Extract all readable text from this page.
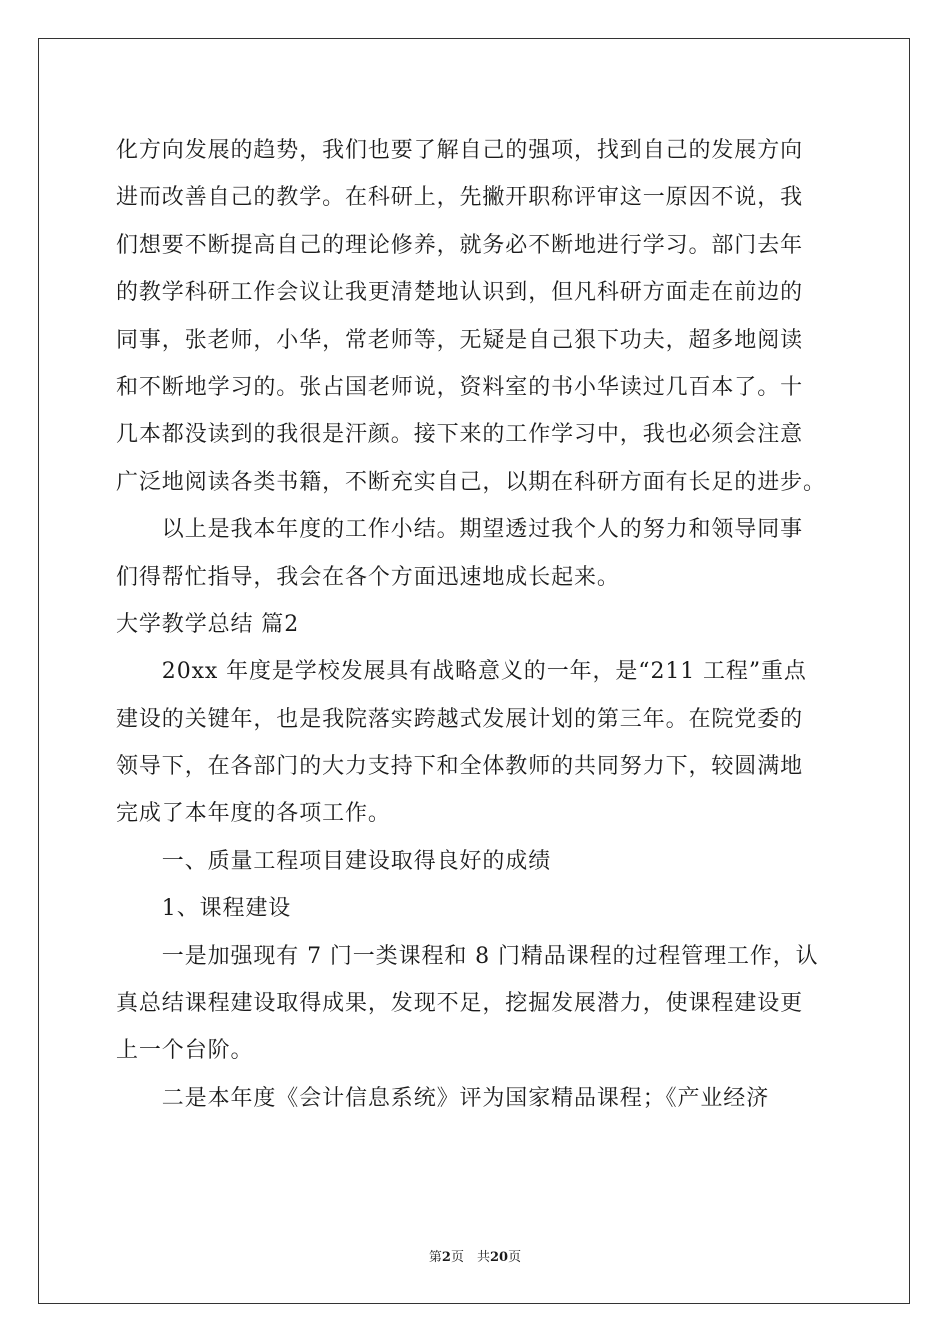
化方向发展的趋势，我们也要了解自己的强项，找到自己的发展方向
进而改善自己的教学。在科研上，先撇开职称评审这一原因不说，我
们想要不断提高自己的理论修养，就务必不断地进行学习。部门去年
的教学科研工作会议让我更清楚地认识到，但凡科研方面走在前边的
同事，张老师，小华，常老师等，无疑是自己狠下功夫，超多地阅读
和不断地学习的。张占国老师说，资料室的书小华读过几百本了。十
几本都没读到的我很是汗颜。接下来的工作学习中，我也必须会注意
广泛地阅读各类书籍，不断充实自己，以期在科研方面有长足的进步。
　　以上是我本年度的工作小结。期望透过我个人的努力和领导同事
们得帮忙指导，我会在各个方面迅速地成长起来。
大学教学总结 篇2
　　20xx 年度是学校发展具有战略意义的一年，是“211 工程”重点
建设的关键年，也是我院落实跨越式发展计划的第三年。在院党委的
领导下，在各部门的大力支持下和全体教师的共同努力下，较圆满地
完成了本年度的各项工作。
　　一、质量工程项目建设取得良好的成绩
　　1、课程建设
　　一是加强现有 7 门一类课程和 8 门精品课程的过程管理工作，认
真总结课程建设取得成果，发现不足，挖掘发展潜力，使课程建设更
上一个台阶。
　　二是本年度《会计信息系统》评为国家精品课程；《产业经济
第2页　共20页
